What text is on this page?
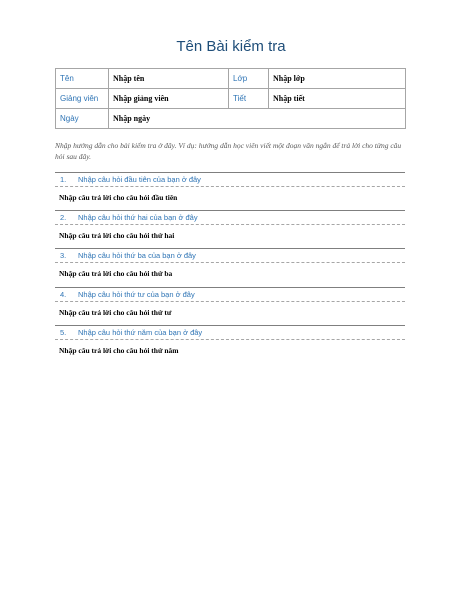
Tên Bài kiểm tra
Tên	Nhập tên	Lớp	Nhập lớp
Giảng viên	Nhập giảng viên	Tiết	Nhập tiết
Ngày	Nhập ngày		
Nhập hướng dẫn cho bài kiểm tra ở đây. Ví dụ: hướng dẫn học viên viết một đoạn văn ngắn để trả lời cho từng câu hỏi sau đây.
1.	Nhập câu hỏi đầu tiên của bạn ở đây
Nhập câu trả lời cho câu hỏi đầu tiên
2.	Nhập câu hỏi thứ hai của bạn ở đây
Nhập câu trả lời cho câu hỏi thứ hai
3.	Nhập câu hỏi thứ ba của bạn ở đây
Nhập câu trả lời cho câu hỏi thứ ba
4.	Nhập câu hỏi thứ tư của bạn ở đây
Nhập câu trả lời cho câu hỏi thứ tư
5.	Nhập câu hỏi thứ năm của bạn ở đây
Nhập câu trả lời cho câu hỏi thứ năm
